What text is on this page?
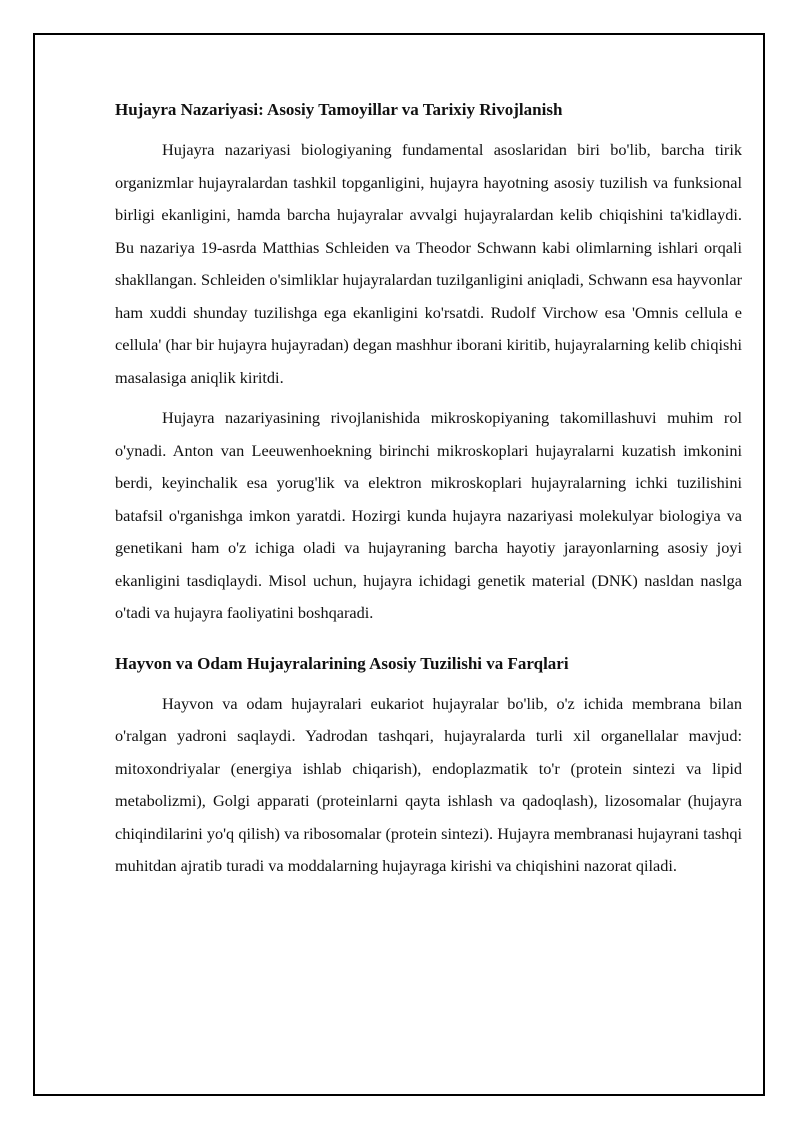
Hujayra Nazariyasi: Asosiy Tamoyillar va Tarixiy Rivojlanish

Hujayra nazariyasi biologiyaning fundamental asoslaridan biri bo'lib, barcha tirik organizmlar hujayralardan tashkil topganligini, hujayra hayotning asosiy tuzilish va funksional birligi ekanligini, hamda barcha hujayralar avvalgi hujayralardan kelib chiqishini ta'kidlaydi. Bu nazariya 19-asrda Matthias Schleiden va Theodor Schwann kabi olimlarning ishlari orqali shakllangan. Schleiden o'simliklar hujayralardan tuzilganligini aniqladi, Schwann esa hayvonlar ham xuddi shunday tuzilishga ega ekanligini ko'rsatdi. Rudolf Virchow esa 'Omnis cellula e cellula' (har bir hujayra hujayradan) degan mashhur iborani kiritib, hujayralarning kelib chiqishi masalasiga aniqlik kiritdi.

Hujayra nazariyasining rivojlanishida mikroskopiyaning takomillashuvi muhim rol o'ynadi. Anton van Leeuwenhoekning birinchi mikroskoplari hujayralarni kuzatish imkonini berdi, keyinchalik esa yorug'lik va elektron mikroskoplari hujayralarning ichki tuzilishini batafsil o'rganishga imkon yaratdi. Hozirgi kunda hujayra nazariyasi molekulyar biologiya va genetikani ham o'z ichiga oladi va hujayraning barcha hayotiy jarayonlarning asosiy joyi ekanligini tasdiqlaydi. Misol uchun, hujayra ichidagi genetik material (DNK) nasldan naslga o'tadi va hujayra faoliyatini boshqaradi.

Hayvon va Odam Hujayralarining Asosiy Tuzilishi va Farqlari

Hayvon va odam hujayralari eukariot hujayralar bo'lib, o'z ichida membrana bilan o'ralgan yadroni saqlaydi. Yadrodan tashqari, hujayralarda turli xil organellalar mavjud: mitoxondriyalar (energiya ishlab chiqarish), endoplazmatik to'r (protein sintezi va lipid metabolizmi), Golgi apparati (proteinlarni qayta ishlash va qadoqlash), lizosomalar (hujayra chiqindilarini yo'q qilish) va ribosomalar (protein sintezi). Hujayra membranasi hujayrani tashqi muhitdan ajratib turadi va moddalarning hujayraga kirishi va chiqishini nazorat qiladi.
